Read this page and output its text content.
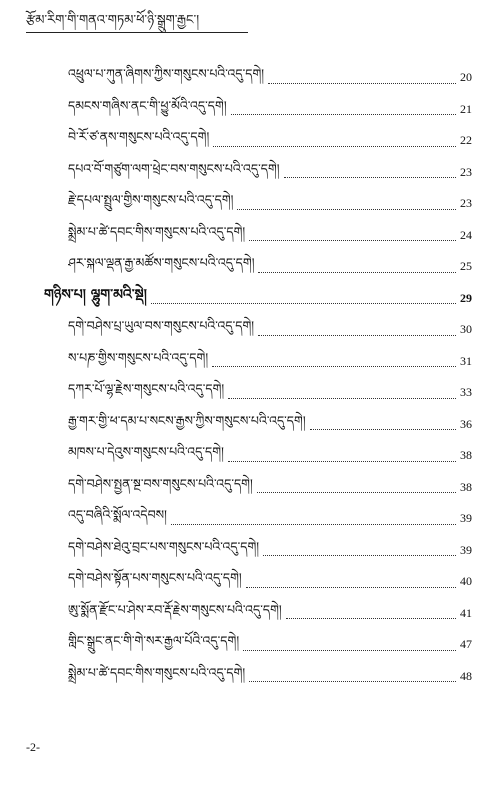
རྩོམ་རིག་གི་གནའ་གཏམ་ཕོ་ཉི་སྒྲུག་རྒྱང་།
འཕྲུལ་པ་ཀུན་ཞིགས་ཀྱིས་གསུངས་པའི་འདུ་དགེ།	20
དམངས་གཞིས་ནང་གི་ཕྱུ་མོའི་འདུ་དགེ།	21
བེ་རོ་ཙ་ནས་གསུངས་པའི་འདུ་དགེ།	22
དཔའ་བོ་གཙུག་ལག་ཕྲེང་བས་གསུངས་པའི་འདུ་དགེ།	23
རྗེ་དཔལ་སྤྲུལ་གྱིས་གསུངས་པའི་འདུ་དགེ།	23
སྨྲེམ་པ་ཚེ་དབང་གིས་གསུངས་པའི་འདུ་དགེ།	24
ཤར་སྐལ་ལྡན་རྒྱ་མཚོས་གསུངས་པའི་འདུ་དགེ།	25
གཉིས་པ། ལྷུག་མའི་སྡེ།	29
དགེ་བཤེས་པྲ་ཡུལ་བས་གསུངས་པའི་འདུ་དགེ།	30
ས་པཎ་གྱིས་གསུངས་པའི་འདུ་དགེ།	31
དཀར་པོ་ལྷ་རྗེས་གསུངས་པའི་འདུ་དགེ།	33
རྒྱ་གར་གྱི་ཕ་དམ་པ་སངས་རྒྱས་ཀྱིས་གསུངས་པའི་འདུ་དགེ།	36
མཁས་པ་དེའུས་གསུངས་པའི་འདུ་དགེ།	38
དགེ་བཤེས་སྤྱན་སྔ་བས་གསུངས་པའི་འདུ་དགེ།	38
འདུ་བཞིའི་སྨོལ་འདེབས།	39
དགེ་བཤེས་ཐེའུ་བྲང་པས་གསུངས་པའི་འདུ་དགེ།	39
དགེ་བཤེས་སྟོན་པས་གསུངས་པའི་འདུ་དགེ།	40
ཨུ་སྨོན་རྫོང་པ་ཤེས་རབ་རྡོ་རྗེས་གསུངས་པའི་འདུ་དགེ།	41
གླིང་སྒྲུང་ནང་གི་གེ་སར་རྒྱལ་པོའི་འདུ་དགེ།	47
སྨྲེམ་པ་ཚེ་དབང་གིས་གསུངས་པའི་འདུ་དགེ།	48
-2-
